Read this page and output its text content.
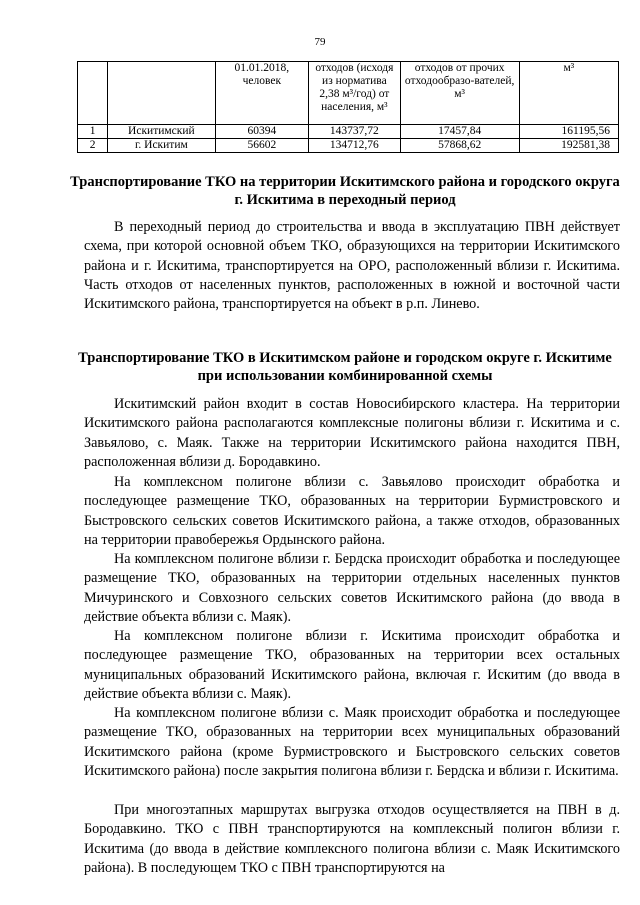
79
		01.01.2018, человек	отходов (исходя из норматива 2,38 м³/год) от населения, м³	отходов от прочих отходообразо-вателей, м³	м³
1	Искитимский	60394	143737,72	17457,84	161195,56
2	г. Искитим	56602	134712,76	57868,62	192581,38
Транспортирование ТКО на территории Искитимского района и городского округа г. Искитима в переходный период

В переходный период до строительства и ввода в эксплуатацию ПВН действует схема, при которой основной объем ТКО, образующихся на территории Искитимского района и г. Искитима, транспортируется на ОРО, расположенный вблизи г. Искитима. Часть отходов от населенных пунктов, расположенных в южной и восточной части Искитимского района, транспортируется на объект в р.п. Линево.

Транспортирование ТКО в Искитимском районе и городском округе г. Искитиме при использовании комбинированной схемы

Искитимский район входит в состав Новосибирского кластера. На территории Искитимского района располагаются комплексные полигоны вблизи г. Искитима и с. Завьялово, с. Маяк. Также на территории Искитимского района находится ПВН, расположенная вблизи д. Бородавкино.

На комплексном полигоне вблизи с. Завьялово происходит обработка и последующее размещение ТКО, образованных на территории Бурмистровского и Быстровского сельских советов Искитимского района, а также отходов, образованных на территории правобережья Ордынского района.

На комплексном полигоне вблизи г. Бердска происходит обработка и последующее размещение ТКО, образованных на территории отдельных населенных пунктов Мичуринского и Совхозного сельских советов Искитимского района (до ввода в действие объекта вблизи с. Маяк).

На комплексном полигоне вблизи г. Искитима происходит обработка и последующее размещение ТКО, образованных на территории всех остальных муниципальных образований Искитимского района, включая г. Искитим (до ввода в действие объекта вблизи с. Маяк).

На комплексном полигоне вблизи с. Маяк происходит обработка и последующее размещение ТКО, образованных на территории всех муниципальных образований Искитимского района (кроме Бурмистровского и Быстровского сельских советов Искитимского района) после закрытия полигона вблизи г. Бердска и вблизи г. Искитима.

При многоэтапных маршрутах выгрузка отходов осуществляется на ПВН в д. Бородавкино. ТКО с ПВН транспортируются на комплексный полигон вблизи г. Искитима (до ввода в действие комплексного полигона вблизи с. Маяк Искитимского района). В последующем ТКО с ПВН транспортируются на
